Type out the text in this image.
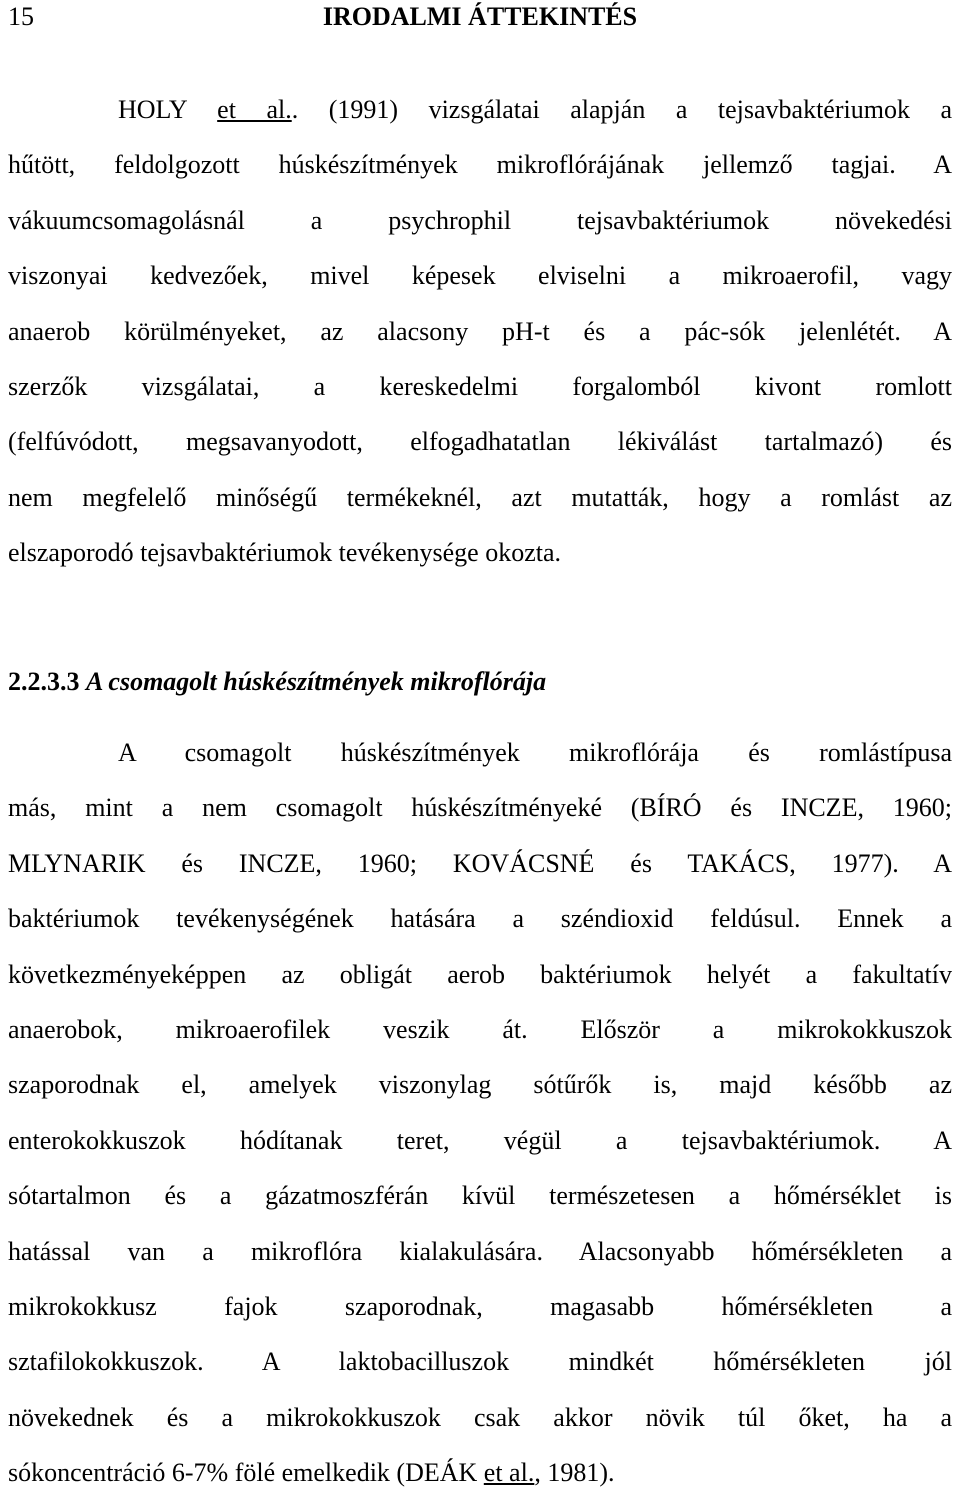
15	IRODALMI ÁTTEKINTÉS
HOLY et al.. (1991) vizsgálatai alapján a tejsavbaktériumok a
hűtött, feldolgozott húskészítmények mikroflórájának jellemző tagjai. A
vákuumcsomagolásnál a psychrophil tejsavbaktériumok növekedési
viszonyai kedvezőek, mivel képesek elviselni a mikroaerofil, vagy
anaerob körülményeket, az alacsony pH-t és a pác-sók jelenlétét. A
szerzők vizsgálatai, a kereskedelmi forgalomból kivont romlott
(felfúvódott, megsavanyodott, elfogadhatatlan lékiválást tartalmazó) és
nem megfelelő minőségű termékeknél, azt mutatták, hogy a romlást az
elszaporodó tejsavbaktériumok tevékenysége okozta.
2.2.3.3 A csomagolt húskészítmények mikroflórája
A csomagolt húskészítmények mikroflórája és romlástípusa
más, mint a nem csomagolt húskészítményeké (BÍRÓ és INCZE, 1960;
MLYNARIK és INCZE, 1960; KOVÁCSNÉ és TAKÁCS, 1977). A
baktériumok tevékenységének hatására a széndioxid feldúsul. Ennek a
következményeképpen az obligát aerob baktériumok helyét a fakultatív
anaerobok, mikroaerofilek veszik át. Először a mikrokokkuszok
szaporodnak el, amelyek viszonylag sótűrők is, majd később az
enterokokkuszok hódítanak teret, végül a tejsavbaktériumok. A
sótartalmon és a gázatmoszférán kívül természetesen a hőmérséklet is
hatással van a mikroflóra kialakulására. Alacsonyabb hőmérsékleten a
mikrokokkusz fajok szaporodnak, magasabb hőmérsékleten a
sztafilokokkuszok. A laktobacilluszok mindkét hőmérsékleten jól
növekednek és a mikrokokkuszok csak akkor növik túl őket, ha a
sókoncentráció 6-7% fölé emelkedik (DEÁK et al., 1981).
